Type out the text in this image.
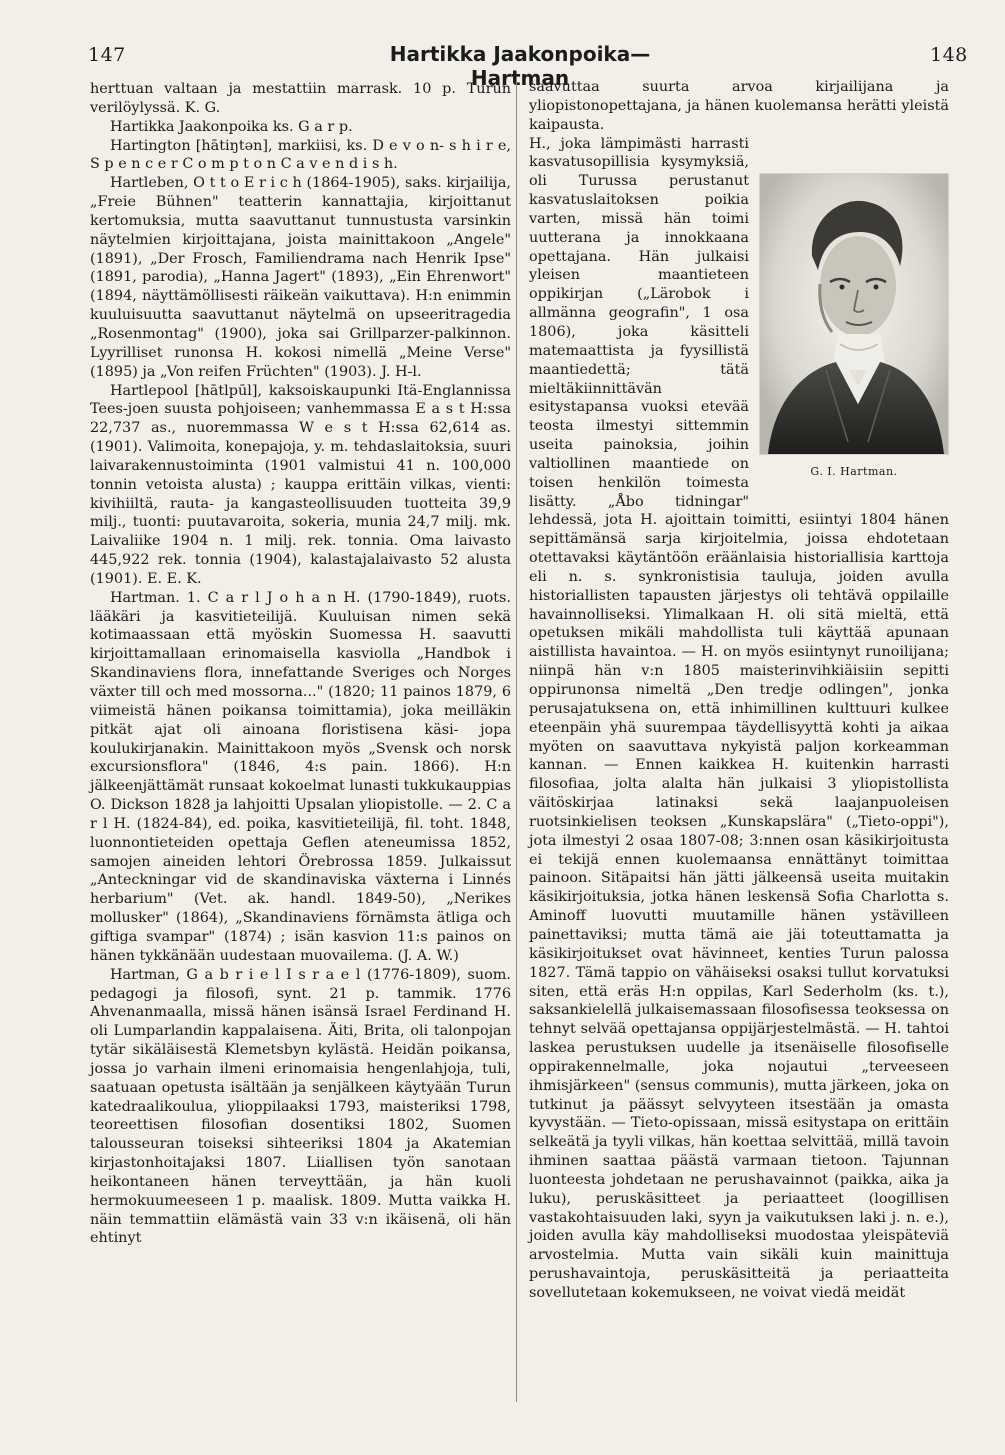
147	Hartikka Jaakonpoika—Hartman
148

herttuan valtaan ja mestattiin marrask. 10 p. Turun verilöylyssä. K. G.

Hartikka Jaakonpoika ks. G a r p.

Hartington [hātiŋtən], markiisi, ks. D e v o n- s h i r e, S p e n c e r C o m p t o n C a v e n d i s h.

Hartleben, O t t o E r i c h (1864-1905), saks. kirjailija, „Freie Bühnen" teatterin kannattajia, kirjoittanut kertomuksia, mutta saavuttanut tunnustusta varsinkin näytelmien kirjoittajana, joista mainittakoon „Angele" (1891), „Der Frosch, Familiendrama nach Henrik Ipse" (1891, parodia), „Hanna Jagert" (1893), „Ein Ehrenwort" (1894, näyttämöllisesti räikeän vaikuttava). H:n enimmin kuuluisuutta saavuttanut näytelmä on upseeritragedia „Rosenmontag" (1900), joka sai Grillparzer-palkinnon. Lyyrilliset runonsa H. kokosi nimellä „Meine Verse" (1895) ja „Von reifen Früchten" (1903). J. H-l.

Hartlepool [hātlpūl], kaksoiskaupunki Itä-Englannissa Tees-joen suusta pohjoiseen; vanhemmassa E a s t H:ssa 22,737 as., nuoremmassa W e s t H:ssa 62,614 as. (1901). Valimoita, konepajoja, y. m. tehdaslaitoksia, suuri laivarakennustoiminta (1901 valmistui 41 n. 100,000 tonnin vetoista alusta) ; kauppa erittäin vilkas, vienti: kivihiiltä, rauta- ja kangasteollisuuden tuotteita 39,9 milj., tuonti: puutavaroita, sokeria, munia 24,7 milj. mk. Laivaliike 1904 n. 1 milj. rek. tonnia. Oma laivasto 445,922 rek. tonnia (1904), kalastajalaivasto 52 alusta (1901). E. E. K.

Hartman. 1. C a r l J o h a n H. (1790-1849), ruots. lääkäri ja kasvitieteilijä. Kuuluisan nimen sekä kotimaassaan että myöskin Suomessa H. saavutti kirjoittamallaan erinomaisella kasviolla „Handbok i Skandinaviens flora, innefattande Sveriges och Norges växter till och med mossorna..." (1820; 11 painos 1879, 6 viimeistä hänen poikansa toimittamia), joka meilläkin pitkät ajat oli ainoana floristisena käsi- jopa koulukirjanakin. Mainittakoon myös „Svensk och norsk excursionsflora" (1846, 4:s pain. 1866). H:n jälkeenjättämät runsaat kokoelmat lunasti tukkukauppias O. Dickson 1828 ja lahjoitti Upsalan yliopistolle. — 2. C a r l H. (1824-84), ed. poika, kasvitieteilijä, fil. toht. 1848, luonnontieteiden opettaja Geflen ateneumissa 1852, samojen aineiden lehtori Örebrossa 1859. Julkaissut „Anteckningar vid de skandinaviska växterna i Linnés herbarium" (Vet. ak. handl. 1849-50), „Nerikes mollusker" (1864), „Skandinaviens förnämsta ätliga och giftiga svampar" (1874) ; isän kasvion 11:s painos on hänen tykkänään uudestaan muovailema. (J. A. W.)

Hartman, G a b r i e l I s r a e l (1776-1809), suom. pedagogi ja filosofi, synt. 21 p. tammik. 1776 Ahvenanmaalla, missä hänen isänsä Israel Ferdinand H. oli Lumparlandin kappalaisena. Äiti, Brita, oli talonpojan tytär sikäläisestä Klemetsbyn kylästä. Heidän poikansa, jossa jo varhain ilmeni erinomaisia hengenlahjoja, tuli, saatuaan opetusta isältään ja senjälkeen käytyään Turun katedraalikoulua, ylioppilaaksi 1793, maisteriksi 1798, teoreettisen filosofian dosentiksi 1802, Suomen talousseuran toiseksi sihteeriksi 1804 ja Akatemian kirjastonhoitajaksi 1807. Liiallisen työn sanotaan heikontaneen hänen terveyttään, ja hän kuoli hermokuumeeseen 1 p. maalisk. 1809. Mutta vaikka H. näin temmattiin elämästä vain 33 v:n ikäisenä, oli hän ehtinyt

saavuttaa suurta arvoa kirjailijana ja yliopistonopettajana, ja hänen kuolemansa herätti yleistä kaipausta.

G. I. Hartman.

H., joka lämpimästi harrasti kasvatusopillisia kysymyksiä, oli Turussa perustanut kasvatuslaitoksen poikia varten, missä hän toimi uutterana ja innokkaana opettajana. Hän julkaisi yleisen maantieteen oppikirjan („Lärobok i allmänna geografin", 1 osa 1806), joka käsitteli matemaattista ja fyysillistä maantiedettä; tätä mieltäkiinnittävän esitystapansa vuoksi etevää teosta ilmestyi sittemmin useita painoksia, joihin valtiollinen maantiede on toisen henkilön toimesta lisätty. „Åbo tidningar" lehdessä, jota H. ajoittain toimitti, esiintyi 1804 hänen sepittämänsä sarja kirjoitelmia, joissa ehdotetaan otettavaksi käytäntöön eräänlaisia historiallisia karttoja eli n. s. synkronistisia tauluja, joiden avulla historiallisten tapausten järjestys oli tehtävä oppilaille havainnolliseksi. Ylimalkaan H. oli sitä mieltä, että opetuksen mikäli mahdollista tuli käyttää apunaan aistillista havaintoa. — H. on myös esiintynyt runoilijana; niinpä hän v:n 1805 maisterinvihkiäisiin sepitti oppirunonsa nimeltä „Den tredje odlingen", jonka perusajatuksena on, että inhimillinen kulttuuri kulkee eteenpäin yhä suurempaa täydellisyyttä kohti ja aikaa myöten on saavuttava nykyistä paljon korkeamman kannan. — Ennen kaikkea H. kuitenkin harrasti filosofiaa, jolta alalta hän julkaisi 3 yliopistollista väitöskirjaa latinaksi sekä laajanpuoleisen ruotsinkielisen teoksen „Kunskapslära" („Tieto-oppi"), jota ilmestyi 2 osaa 1807-08; 3:nnen osan käsikirjoitusta ei tekijä ennen kuolemaansa ennättänyt toimittaa painoon. Sitäpaitsi hän jätti jälkeensä useita muitakin käsikirjoituksia, jotka hänen leskensä Sofia Charlotta s. Aminoff luovutti muutamille hänen ystävilleen painettaviksi; mutta tämä aie jäi toteuttamatta ja käsikirjoitukset ovat hävinneet, kenties Turun palossa 1827. Tämä tappio on vähäiseksi osaksi tullut korvatuksi siten, että eräs H:n oppilas, Karl Sederholm (ks. t.), saksankielellä julkaisemassaan filosofisessa teoksessa on tehnyt selvää opettajansa oppijärjestelmästä. — H. tahtoi laskea perustuksen uudelle ja itsenäiselle filosofiselle oppirakennelmalle, joka nojautui „terveeseen ihmisjärkeen" (sensus communis), mutta järkeen, joka on tutkinut ja päässyt selvyyteen itsestään ja omasta kyvystään. — Tieto-opissaan, missä esitystapa on erittäin selkeätä ja tyyli vilkas, hän koettaa selvittää, millä tavoin ihminen saattaa päästä varmaan tietoon. Tajunnan luonteesta johdetaan ne perushavainnot (paikka, aika ja luku), peruskäsitteet ja periaatteet (loogillisen vastakohtaisuuden laki, syyn ja vaikutuksen laki j. n. e.), joiden avulla käy mahdolliseksi muodostaa yleispäteviä arvostelmia. Mutta vain sikäli kuin mainittuja perushavaintoja, peruskäsitteitä ja periaatteita sovellutetaan kokemukseen, ne voivat viedä meidät
